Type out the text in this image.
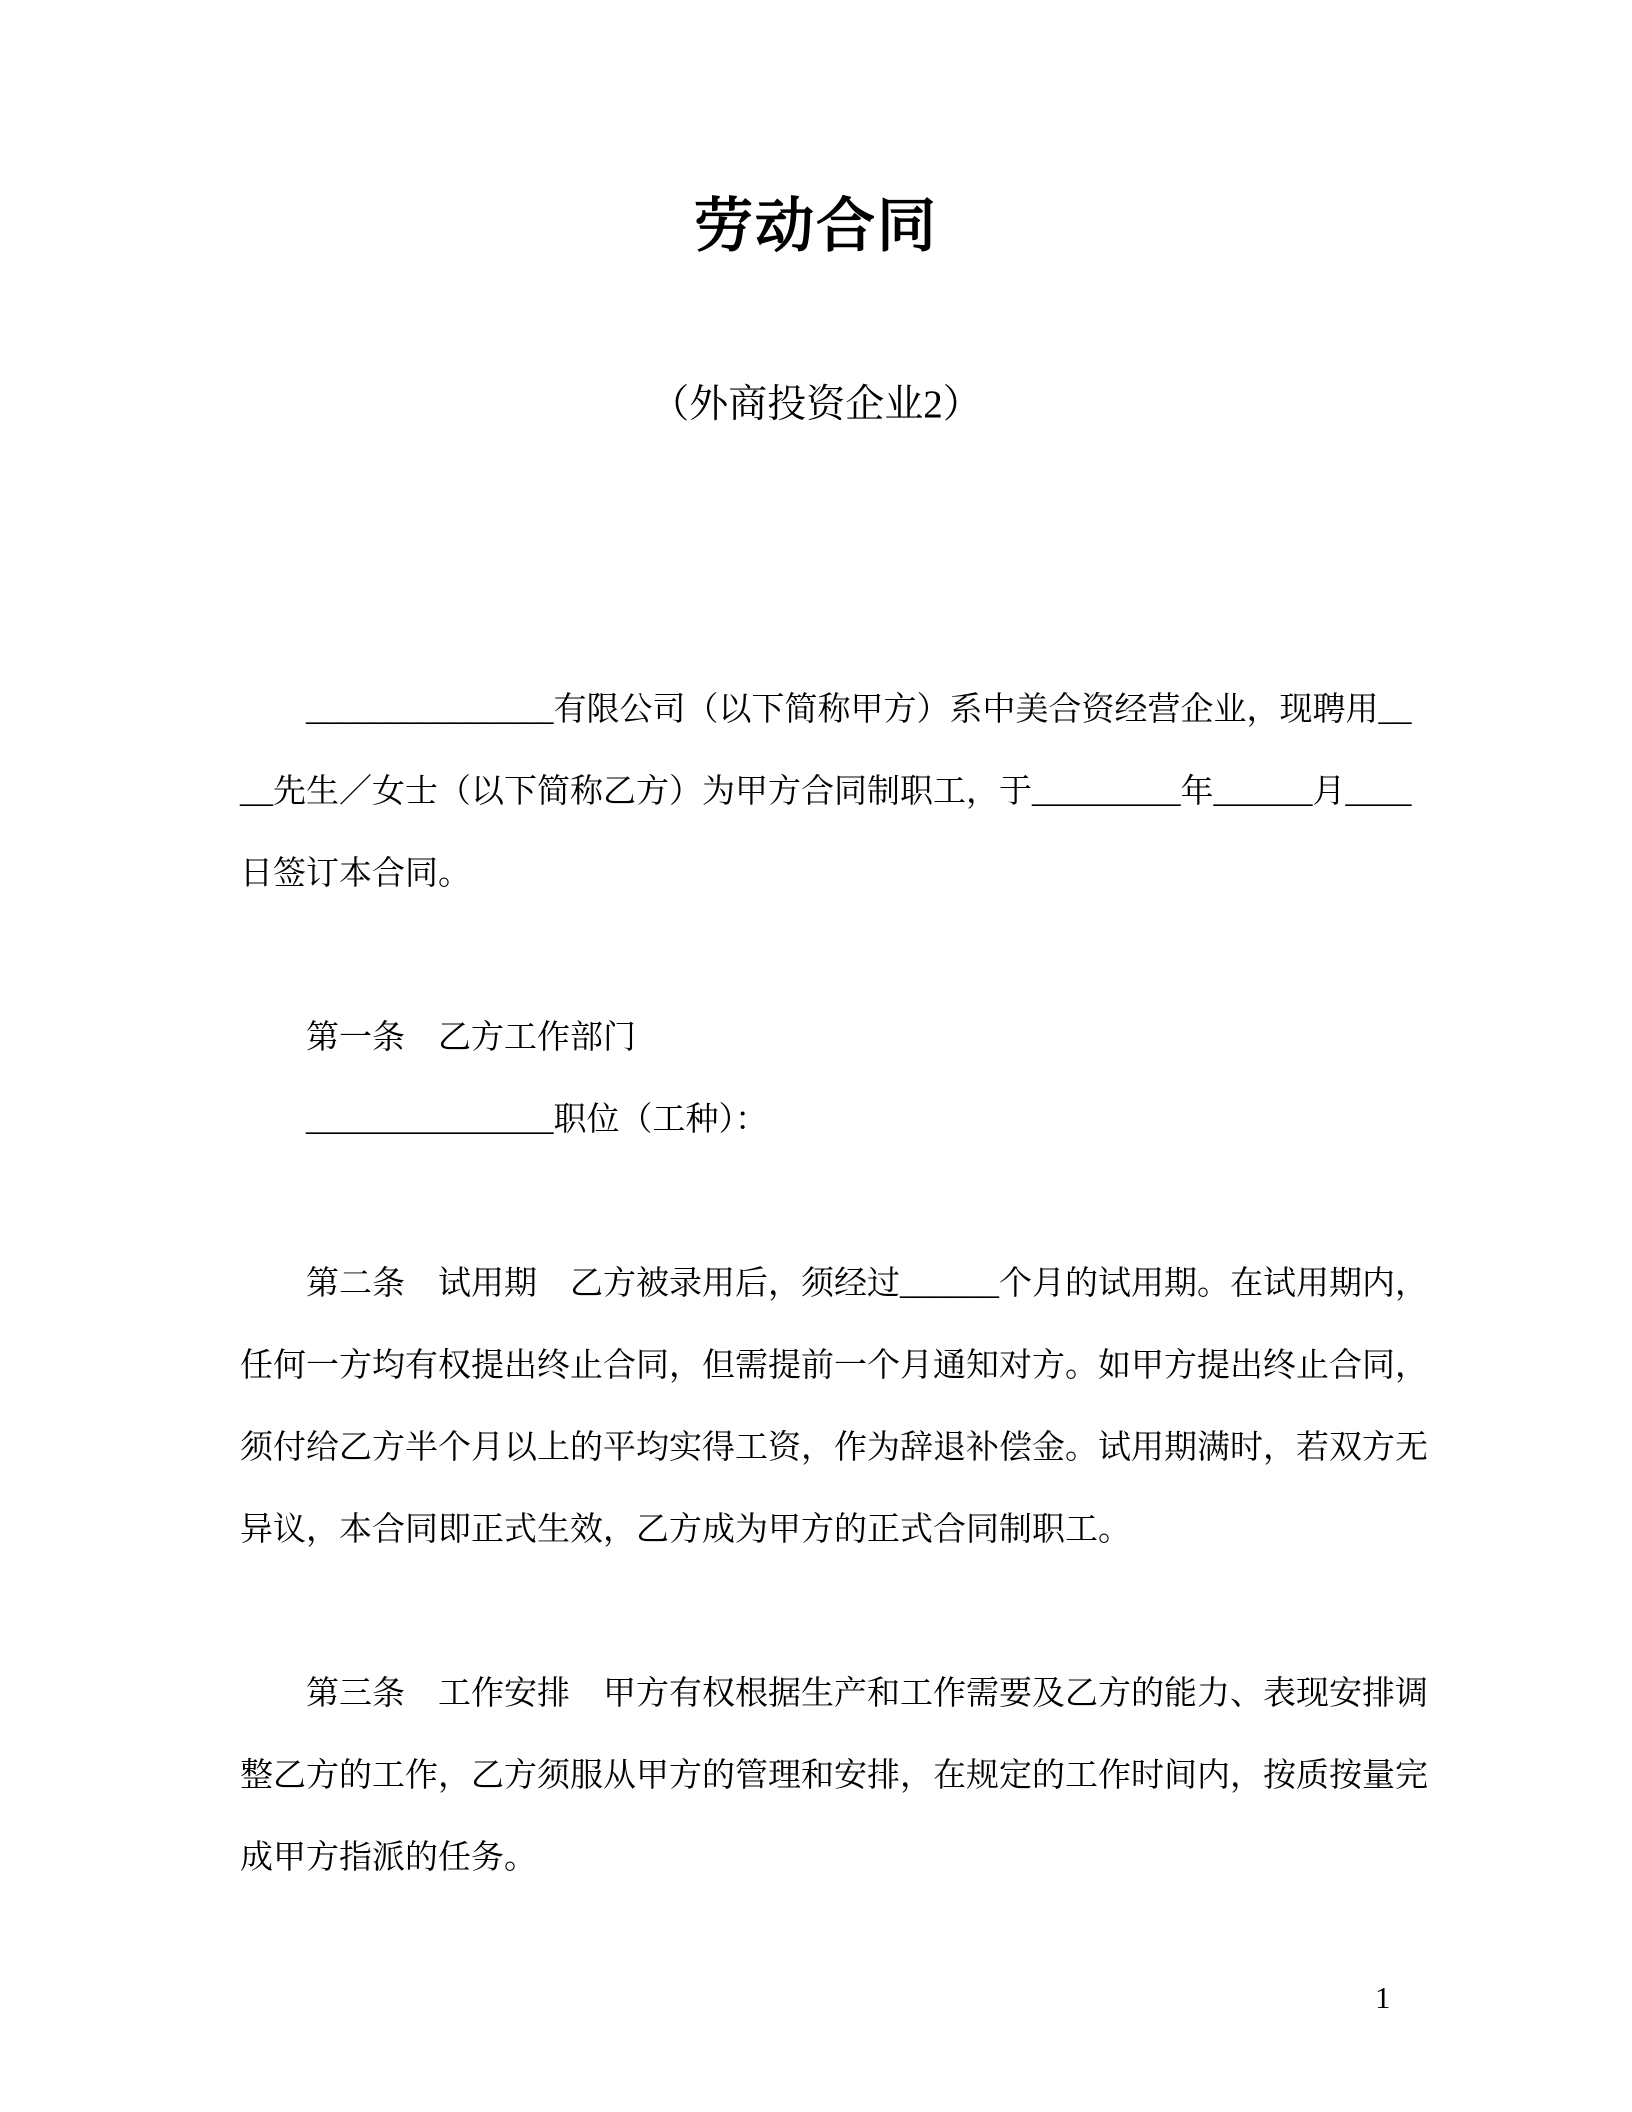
劳动合同
（外商投资企业2）
_______________有限公司（以下简称甲方）系中美合资经营企业，现聘用__
__先生／女士（以下简称乙方）为甲方合同制职工，于_________年______月____
日签订本合同。
第一条　乙方工作部门
_______________职位（工种）：
第二条　试用期　乙方被录用后，须经过______个月的试用期。在试用期内，
任何一方均有权提出终止合同，但需提前一个月通知对方。如甲方提出终止合同，
须付给乙方半个月以上的平均实得工资，作为辞退补偿金。试用期满时，若双方无
异议，本合同即正式生效，乙方成为甲方的正式合同制职工。
第三条　工作安排　甲方有权根据生产和工作需要及乙方的能力、表现安排调
整乙方的工作，乙方须服从甲方的管理和安排，在规定的工作时间内，按质按量完
成甲方指派的任务。
1
